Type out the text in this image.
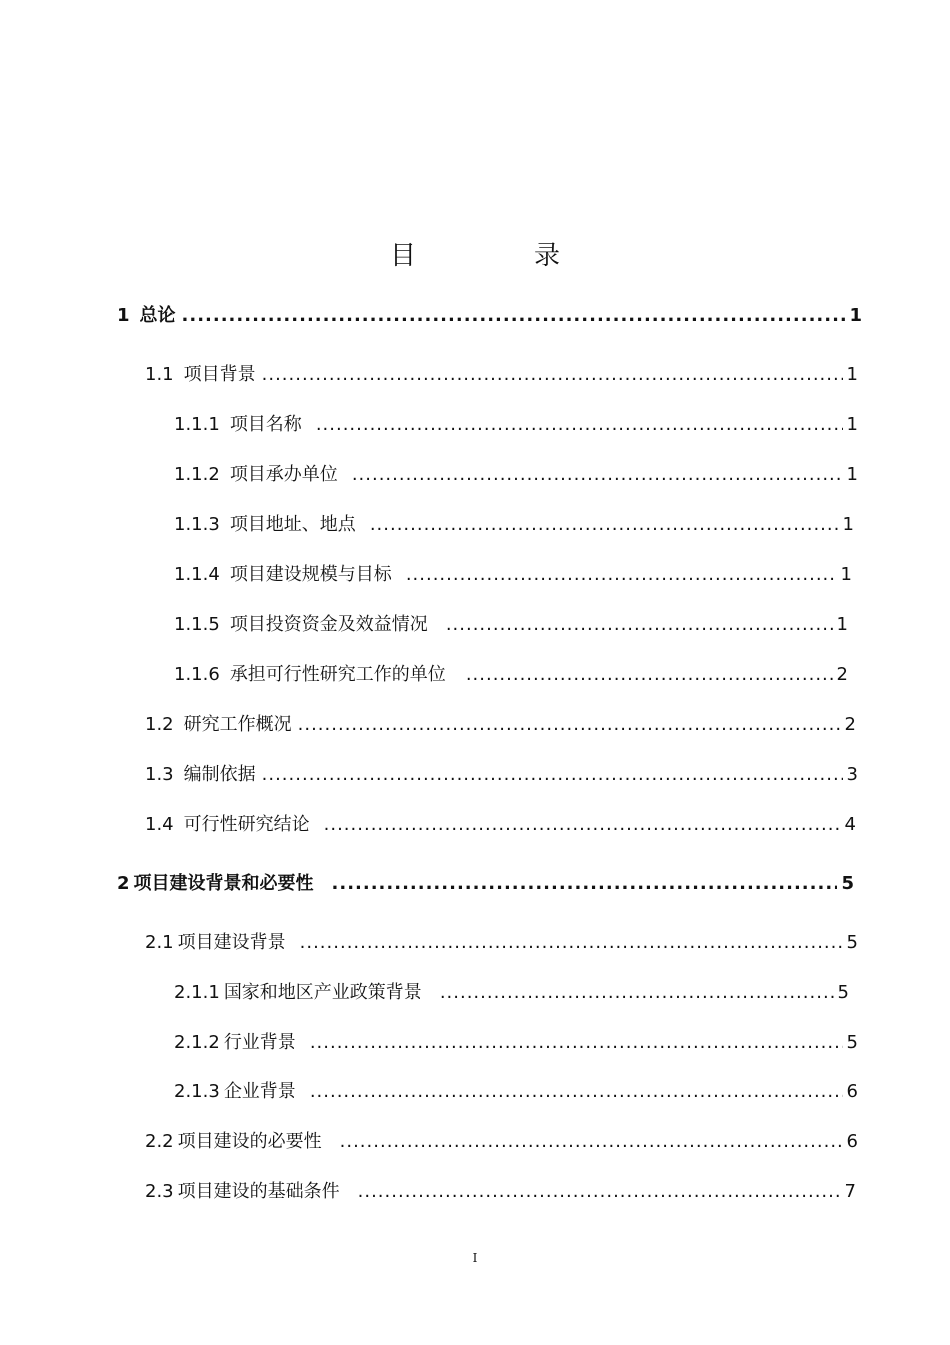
目　录
1 总论 .....	1
1.1 项目背景 .....	1
1.1.1 项目名称 .....	1
1.1.2 项目承办单位 .....	1
1.1.3 项目地址、地点 .....	1
1.1.4 项目建设规模与目标 .....	1
1.1.5 项目投资资金及效益情况 .....	1
1.1.6 承担可行性研究工作的单位 .....	2
1.2 研究工作概况 .....	2
1.3 编制依据 .....	3
1.4 可行性研究结论 .....	4
2 项目建设背景和必要性 .....	5
2.1 项目建设背景 .....	5
2.1.1 国家和地区产业政策背景 .....	5
2.1.2 行业背景 .....	5
2.1.3 企业背景 .....	6
2.2 项目建设的必要性 .....	6
2.3 项目建设的基础条件 .....	7
I
